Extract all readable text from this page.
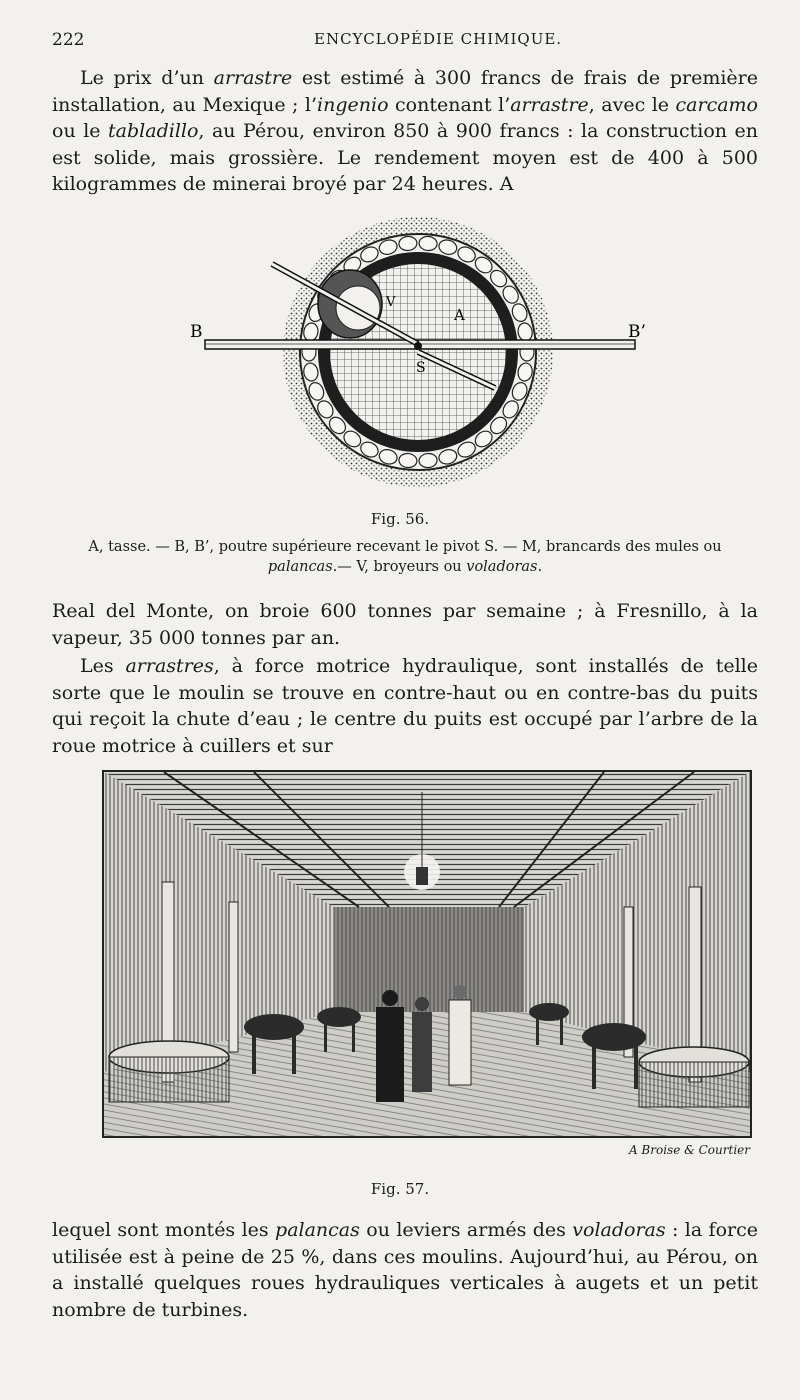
222	ENCYCLOPÉDIE CHIMIQUE.

Le prix d’un arrastre est estimé à 300 francs de frais de première installation, au Mexique ; l’ingenio contenant l’arrastre, avec le carcamo ou le tabladillo, au Pérou, environ 850 à 900 francs : la construction en est solide, mais grossière. Le rendement moyen est de 400 à 500 kilogrammes de minerai broyé par 24 heures. A

B	B’
A
S
V
Fig. 56.

A, tasse. — B, B’, poutre supérieure recevant le pivot S. — M, brancards des mules ou palancas.— V, broyeurs ou voladoras.

Real del Monte, on broie 600 tonnes par semaine ; à Fresnillo, à la vapeur, 35 000 tonnes par an.

Les arrastres, à force motrice hydraulique, sont installés de telle sorte que le moulin se trouve en contre-haut ou en contre-bas du puits qui reçoit la chute d’eau ; le centre du puits est occupé par l’arbre de la roue motrice à cuillers et sur

A Broise & Courtier
Fig. 57.

lequel sont montés les palancas ou leviers armés des voladoras : la force utilisée est à peine de 25 %, dans ces moulins. Aujourd’hui, au Pérou, on a installé quelques roues hydrauliques verticales à augets et un petit nombre de turbines.
